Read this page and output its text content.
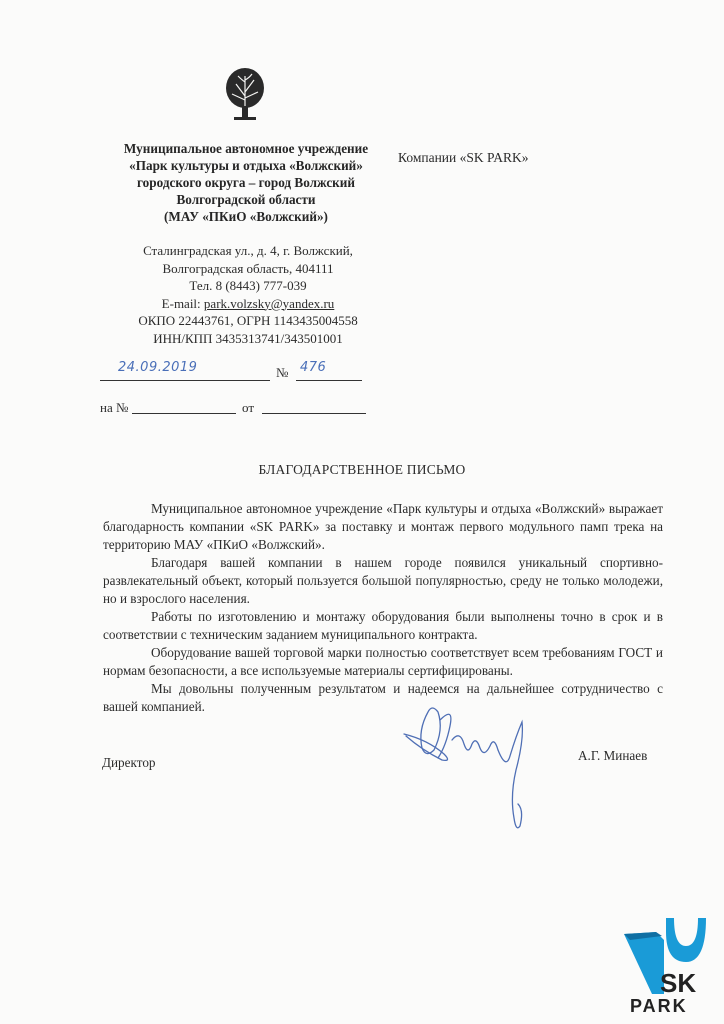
Муниципальное автономное учреждение
«Парк культуры и отдыха «Волжский»
городского округа – город Волжский
Волгоградской области
(МАУ «ПКиО «Волжский»)
Компании «SK PARK»
Сталинградская ул., д. 4, г. Волжский,
Волгоградская область, 404111
Тел. 8 (8443) 777-039
E-mail: park.volzsky@yandex.ru
ОКПО 22443761, ОГРН 1143435004558
ИНН/КПП 3435313741/343501001
24.09.2019	№ 476
на №	от
БЛАГОДАРСТВЕННОЕ ПИСЬМО

Муниципальное автономное учреждение «Парк культуры и отдыха «Волжский» выражает благодарность компании «SK PARK» за поставку и монтаж первого модульного памп трека на территорию МАУ «ПКиО «Волжский».

Благодаря вашей компании в нашем городе появился уникальный спортивно-развлекательный объект, который пользуется большой популярностью, среду не только молодежи, но и взрослого населения.

Работы по изготовлению и монтажу оборудования были выполнены точно в срок и в соответствии с техническим заданием муниципального контракта.

Оборудование вашей торговой марки полностью соответствует всем требованиям ГОСТ и нормам безопасности, а все используемые материалы сертифицированы.

Мы довольны полученным результатом и надеемся на дальнейшее сотрудничество с вашей компанией.

Директор	А.Г. Минаев
SK
PARK
